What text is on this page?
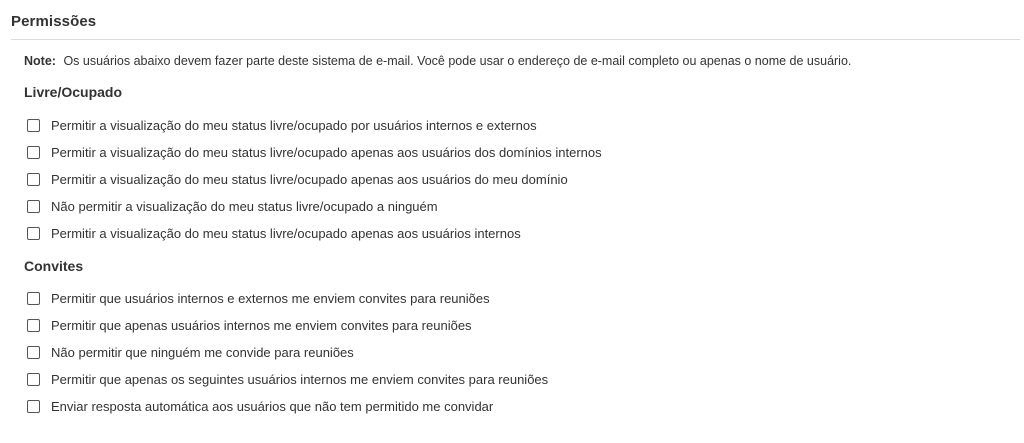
Permissões
Note: Os usuários abaixo devem fazer parte deste sistema de e-mail. Você pode usar o endereço de e-mail completo ou apenas o nome de usuário.
Livre/Ocupado
Permitir a visualização do meu status livre/ocupado por usuários internos e externos
Permitir a visualização do meu status livre/ocupado apenas aos usuários dos domínios internos
Permitir a visualização do meu status livre/ocupado apenas aos usuários do meu domínio
Não permitir a visualização do meu status livre/ocupado a ninguém
Permitir a visualização do meu status livre/ocupado apenas aos usuários internos
Convites
Permitir que usuários internos e externos me enviem convites para reuniões
Permitir que apenas usuários internos me enviem convites para reuniões
Não permitir que ninguém me convide para reuniões
Permitir que apenas os seguintes usuários internos me enviem convites para reuniões
Enviar resposta automática aos usuários que não tem permitido me convidar
